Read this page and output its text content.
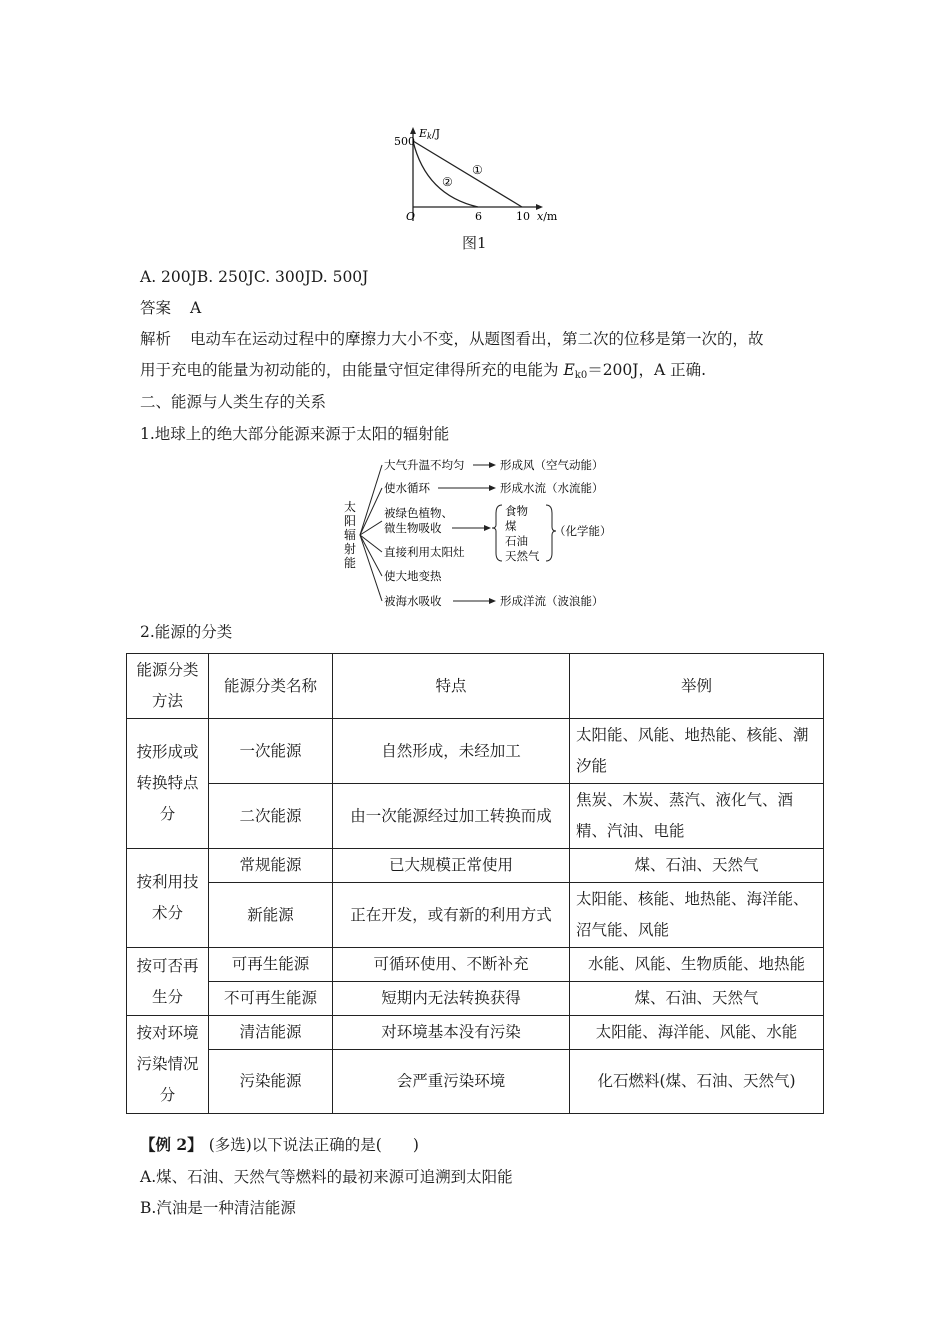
500
Ek/J
①
②
O	6	10 x/m
图1
A. 200JB. 250JC. 300JD. 500J
答案 A
解析 电动车在运动过程中的摩擦力大小不变，从题图看出，第二次的位移是第一次的，故
用于充电的能量为初动能的，由能量守恒定律得所充的电能为 $E_{k0}=200J$，A 正确.
二、能源与人类生存的关系
1.地球上的绝大部分能源来源于太阳的辐射能
太
阳
辐
射
能
大气升温不均匀	形成风（空气动能）
使水循环	形成水流（水流能）
被绿色植物、
微生物吸收
食物
煤
石油
天然气
（化学能）
直接利用太阳灶
使大地变热
被海水吸收	形成洋流（波浪能）
2.能源的分类
能源分类方法	能源分类名称	特点	举例
按形成或转换特点分	一次能源	自然形成，未经加工	太阳能、风能、地热能、核能、潮汐能
	二次能源	由一次能源经过加工转换而成	焦炭、木炭、蒸汽、液化气、酒精、汽油、电能
按利用技术分	常规能源	已大规模正常使用	煤、石油、天然气
	新能源	正在开发，或有新的利用方式	太阳能、核能、地热能、海洋能、沼气能、风能
按可否再生分	可再生能源	可循环使用、不断补充	水能、风能、生物质能、地热能
	不可再生能源	短期内无法转换获得	煤、石油、天然气
按对环境污染情况分	清洁能源	对环境基本没有污染	太阳能、海洋能、风能、水能
	污染能源	会严重污染环境	化石燃料(煤、石油、天然气)
【例 2】 (多选)以下说法正确的是(　　)
A.煤、石油、天然气等燃料的最初来源可追溯到太阳能
B.汽油是一种清洁能源
